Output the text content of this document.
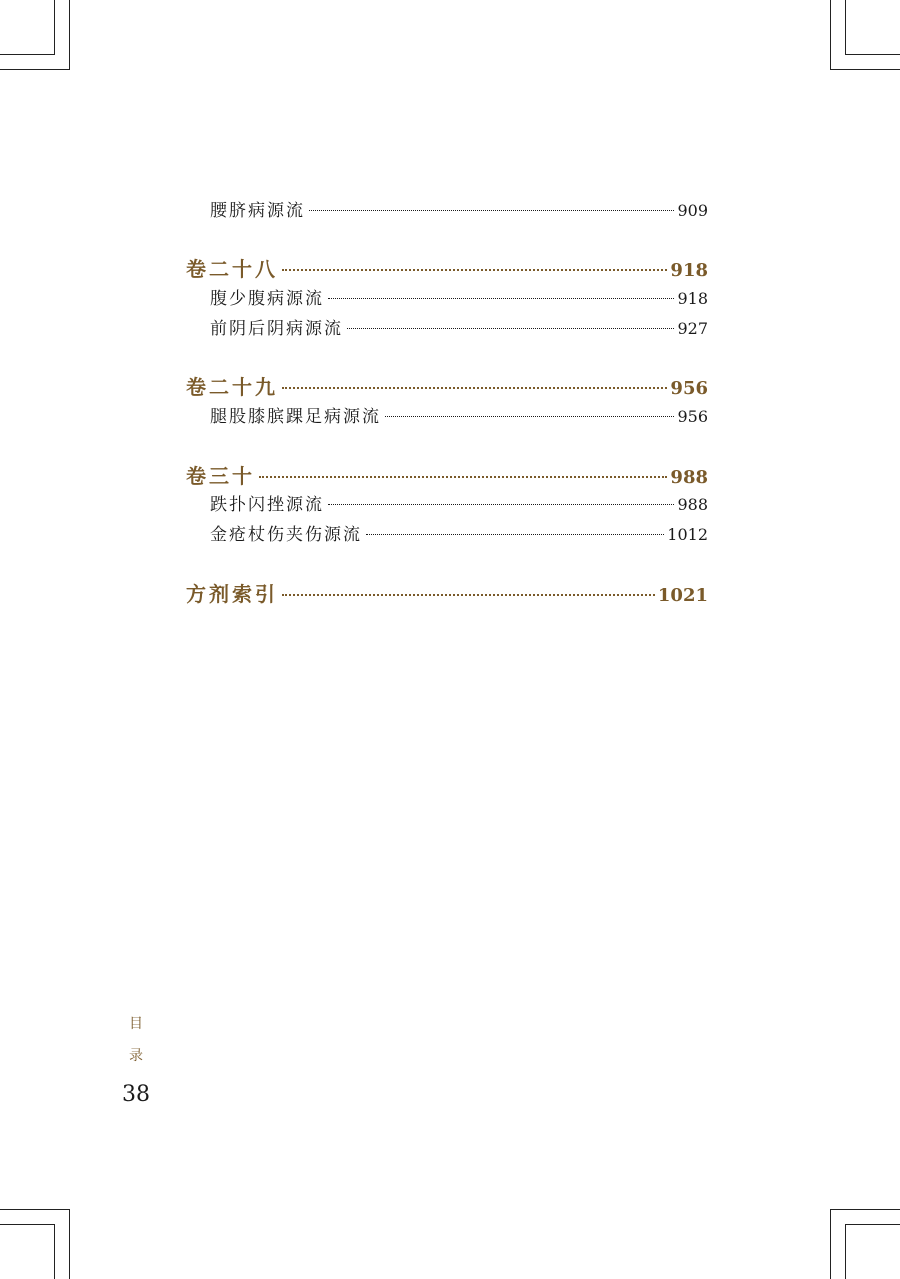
腰脐病源流	909
卷二十八	918
腹少腹病源流	918
前阴后阴病源流	927
卷二十九	956
腿股膝膑踝足病源流	956
卷三十	988
跌扑闪挫源流	988
金疮杖伤夹伤源流	1012
方剂索引	1021
目
录
38
